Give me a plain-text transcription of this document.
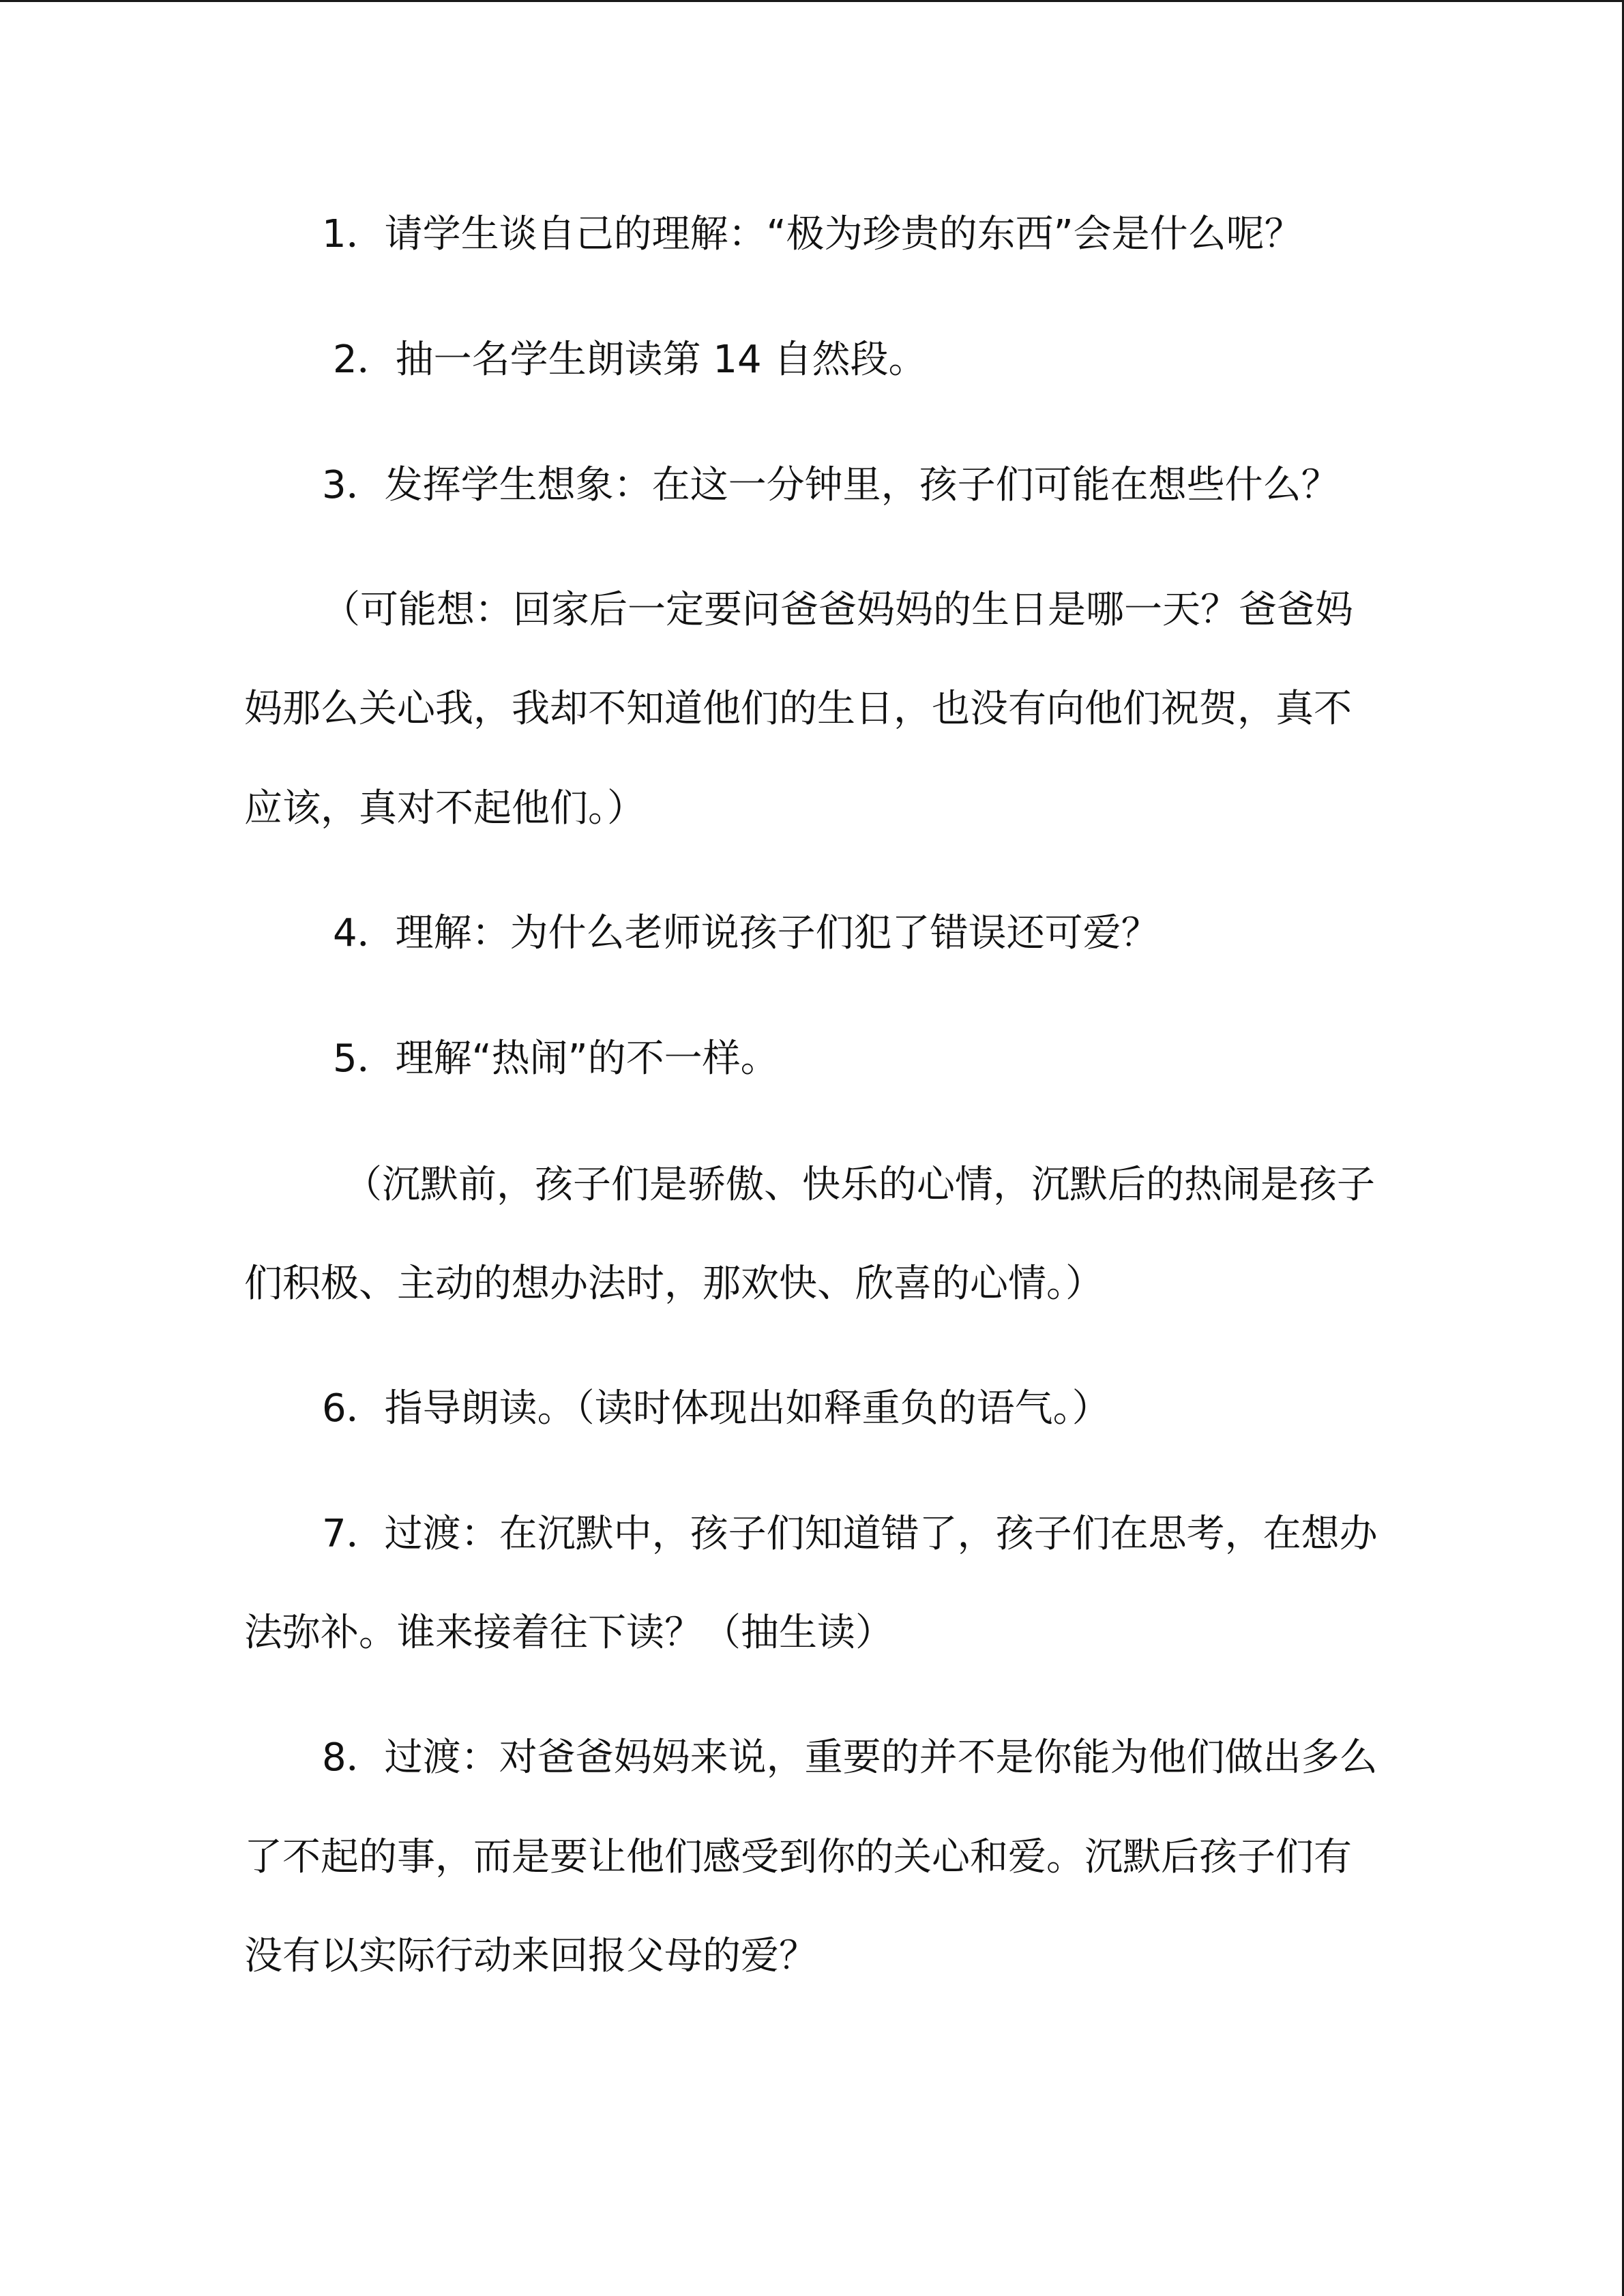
1．请学生谈自己的理解：“极为珍贵的东西”会是什么呢？

2．抽一名学生朗读第 14 自然段。

3．发挥学生想象：在这一分钟里，孩子们可能在想些什么？

（可能想：回家后一定要问爸爸妈妈的生日是哪一天？爸爸妈

妈那么关心我，我却不知道他们的生日，也没有向他们祝贺，真不

应该，真对不起他们。）

4．理解：为什么老师说孩子们犯了错误还可爱？

5．理解“热闹”的不一样。

（沉默前，孩子们是骄傲、快乐的心情，沉默后的热闹是孩子

们积极、主动的想办法时，那欢快、欣喜的心情。）

6．指导朗读。（读时体现出如释重负的语气。）

7．过渡：在沉默中，孩子们知道错了，孩子们在思考，在想办

法弥补。谁来接着往下读？（抽生读）

8．过渡：对爸爸妈妈来说，重要的并不是你能为他们做出多么

了不起的事，而是要让他们感受到你的关心和爱。沉默后孩子们有

没有以实际行动来回报父母的爱？
